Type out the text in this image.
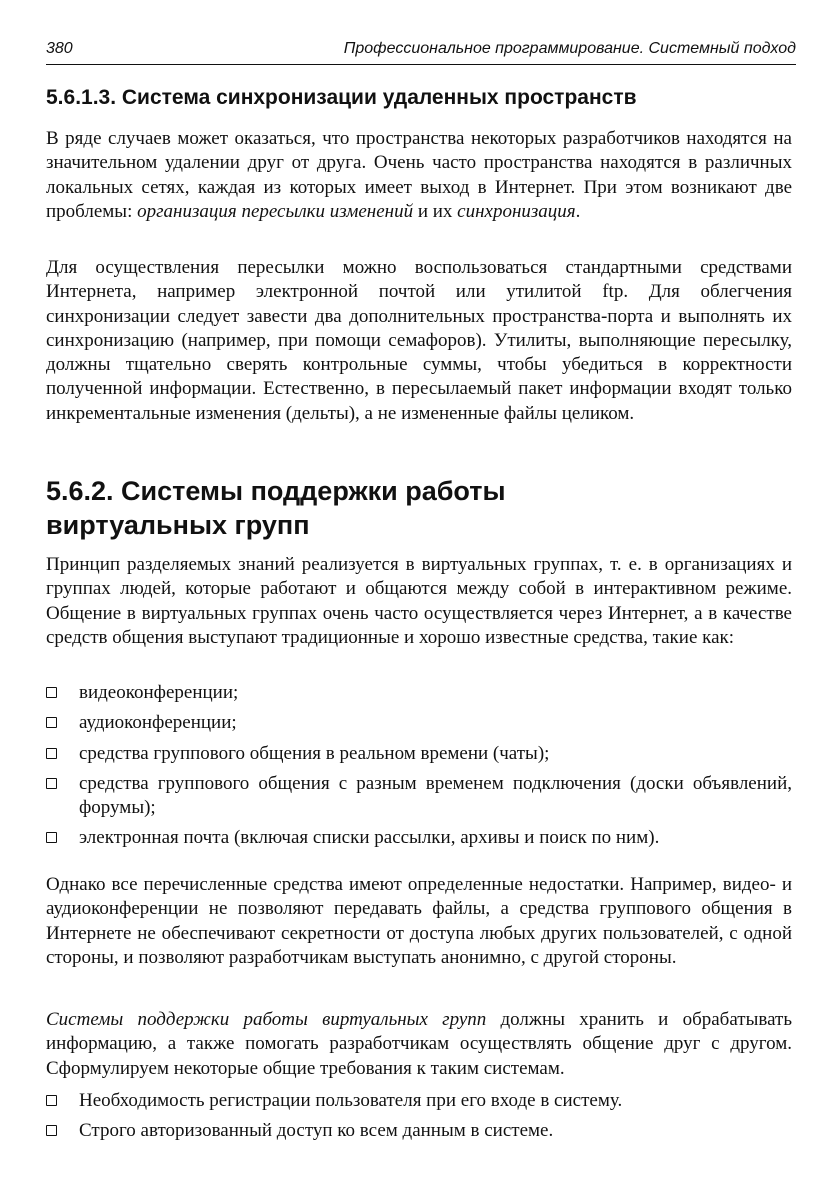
380	Профессиональное программирование. Системный подход
5.6.1.3. Система синхронизации удаленных пространств

В ряде случаев может оказаться, что пространства некоторых разработчиков находятся на значительном удалении друг от друга. Очень часто пространства находятся в различных локальных сетях, каждая из которых имеет выход в Интернет. При этом возникают две проблемы: организация пересылки изменений и их синхронизация.

Для осуществления пересылки можно воспользоваться стандартными средствами Интернета, например электронной почтой или утилитой ftp. Для облегчения синхронизации следует завести два дополнительных пространства-порта и выполнять их синхронизацию (например, при помощи семафоров). Утилиты, выполняющие пересылку, должны тщательно сверять контрольные суммы, чтобы убедиться в корректности полученной информации. Естественно, в пересылаемый пакет информации входят только инкрементальные изменения (дельты), а не измененные файлы целиком.

5.6.2. Системы поддержки работы
виртуальных групп

Принцип разделяемых знаний реализуется в виртуальных группах, т. е. в организациях и группах людей, которые работают и общаются между собой в интерактивном режиме. Общение в виртуальных группах очень часто осуществляется через Интернет, а в качестве средств общения выступают традиционные и хорошо известные средства, такие как:

видеоконференции;
аудиоконференции;
средства группового общения в реальном времени (чаты);
средства группового общения с разным временем подключения (доски объявлений, форумы);
электронная почта (включая списки рассылки, архивы и поиск по ним).

Однако все перечисленные средства имеют определенные недостатки. Например, видео- и аудиоконференции не позволяют передавать файлы, а средства группового общения в Интернете не обеспечивают секретности от доступа любых других пользователей, с одной стороны, и позволяют разработчикам выступать анонимно, с другой стороны.

Системы поддержки работы виртуальных групп должны хранить и обрабатывать информацию, а также помогать разработчикам осуществлять общение друг с другом. Сформулируем некоторые общие требования к таким системам.

Необходимость регистрации пользователя при его входе в систему.
Строго авторизованный доступ ко всем данным в системе.
